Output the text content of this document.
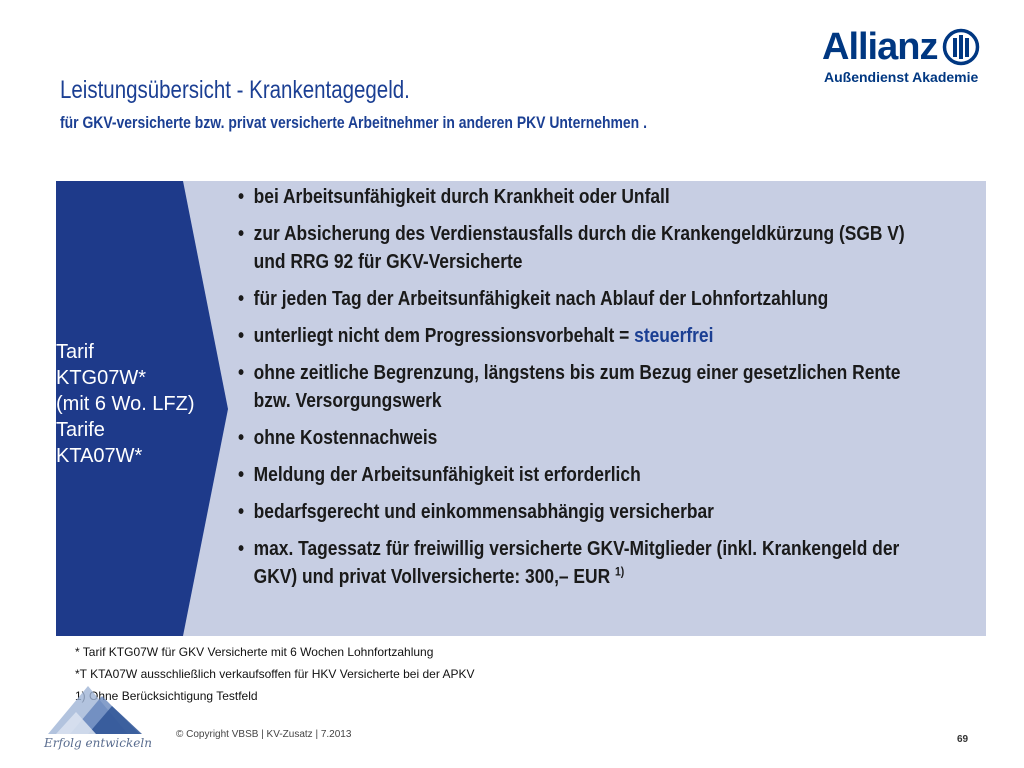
Allianz
Außendienst Akademie
Leistungsübersicht - Krankentagegeld.
für GKV-versicherte bzw. privat versicherte Arbeitnehmer in anderen PKV Unternehmen .
Tarif
KTG07W*
(mit 6 Wo. LFZ)
Tarife
KTA07W*
• bei Arbeitsunfähigkeit durch Krankheit oder Unfall
• zur Absicherung des Verdienstausfalls durch die Krankengeldkürzung (SGB V)
und RRG 92 für GKV-Versicherte
• für jeden Tag der Arbeitsunfähigkeit nach Ablauf der Lohnfortzahlung
• unterliegt nicht dem Progressionsvorbehalt = steuerfrei
• ohne zeitliche Begrenzung, längstens bis zum Bezug einer gesetzlichen Rente
bzw. Versorgungswerk
• ohne Kostennachweis
• Meldung der Arbeitsunfähigkeit ist erforderlich
• bedarfsgerecht und einkommensabhängig versicherbar
• max. Tagessatz für freiwillig versicherte GKV-Mitglieder (inkl. Krankengeld der
GKV) und privat Vollversicherte: 300,– EUR $^{1)}$
* Tarif KTG07W für GKV Versicherte mit 6 Wochen Lohnfortzahlung
*T KTA07W ausschließlich verkaufsoffen für HKV Versicherte bei der APKV
1) Ohne Berücksichtigung Testfeld
Erfolg entwickeln
© Copyright VBSB | KV-Zusatz | 7.2013	69
